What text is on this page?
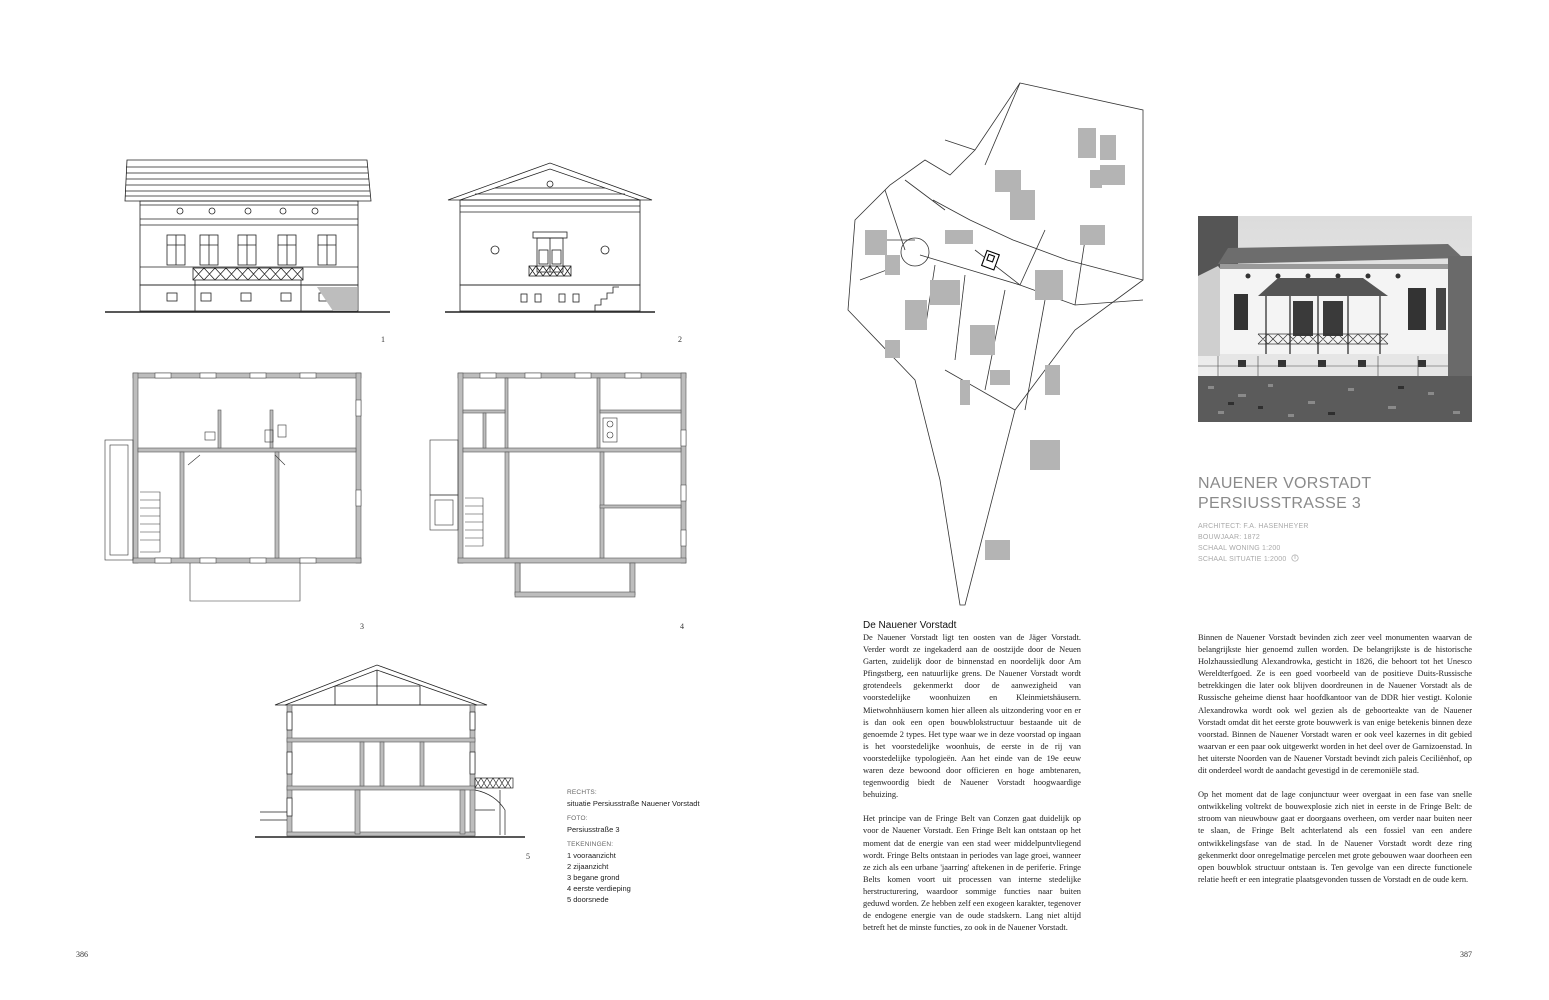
1	2
3	4
5
RECHTS:
situatie Persiusstraße Nauener Vorstadt
FOTO:
Persiusstraße 3
TEKENINGEN:
1 vooraanzicht
2 zijaanzicht
3 begane grond
4 eerste verdieping
5 doorsnede
386	387
NAUENER VORSTADT
PERSIUSSTRASSE 3
ARCHITECT: F.A. HASENHEYER
BOUWJAAR: 1872
SCHAAL WONING 1:200
SCHAAL SITUATIE 1:2000
De Nauener Vorstadt

De Nauener Vorstadt ligt ten oosten van de Jäger Vorstadt. Verder wordt ze ingekaderd aan de oostzijde door de Neuen Garten, zuidelijk door de binnenstad en noordelijk door Am Pfingstberg, een natuurlijke grens. De Nauener Vorstadt wordt grotendeels gekenmerkt door de aanwezigheid van voorstedelijke woonhuizen en Kleinmietshäusern. Mietwohnhäusern komen hier alleen als uitzondering voor en er is dan ook een open bouwblokstructuur bestaande uit de genoemde 2 types. Het type waar we in deze voorstad op ingaan is het voorstedelijke woonhuis, de eerste in de rij van voorstedelijke typologieën. Aan het einde van de 19e eeuw waren deze bewoond door officieren en hoge ambtenaren, tegenwoordig biedt de Nauener Vorstadt hoogwaardige behuizing.

Het principe van de Fringe Belt van Conzen gaat duidelijk op voor de Nauener Vorstadt. Een Fringe Belt kan ontstaan op het moment dat de energie van een stad weer middelpuntvliegend wordt. Fringe Belts ontstaan in periodes van lage groei, wanneer ze zich als een urbane 'jaarring' aftekenen in de periferie. Fringe Belts komen voort uit processen van interne stedelijke herstructurering, waardoor sommige functies naar buiten geduwd worden. Ze hebben zelf een exogeen karakter, tegenover de endogene energie van de oude stadskern. Lang niet altijd betreft het de minste functies, zo ook in de Nauener Vorstadt.

Binnen de Nauener Vorstadt bevinden zich zeer veel monumenten waarvan de belangrijkste hier genoemd zullen worden. De belangrijkste is de historische Holzhaussiedlung Alexandrowka, gesticht in 1826, die behoort tot het Unesco Wereldterfgoed. Ze is een goed voorbeeld van de positieve Duits-Russische betrekkingen die later ook blijven doordreunen in de Nauener Vorstadt als de Russische geheime dienst haar hoofdkantoor van de DDR hier vestigt. Kolonie Alexandrowka wordt ook wel gezien als de geboorteakte van de Nauener Vorstadt omdat dit het eerste grote bouwwerk is van enige betekenis binnen deze voorstad. Binnen de Nauener Vorstadt waren er ook veel kazernes in dit gebied waarvan er een paar ook uitgewerkt worden in het deel over de Garnizoenstad. In het uiterste Noorden van de Nauener Vorstadt bevindt zich paleis Ceciliënhof, op dit onderdeel wordt de aandacht gevestigd in de ceremoniële stad.

Op het moment dat de lage conjunctuur weer overgaat in een fase van snelle ontwikkeling voltrekt de bouwexplosie zich niet in eerste in de Fringe Belt: de stroom van nieuwbouw gaat er doorgaans overheen, om verder naar buiten neer te slaan, de Fringe Belt achterlatend als een fossiel van een andere ontwikkelingsfase van de stad. In de Nauener Vorstadt wordt deze ring gekenmerkt door onregelmatige percelen met grote gebouwen waar doorheen een open bouwblok structuur ontstaan is. Ten gevolge van een directe functionele relatie heeft er een integratie plaatsgevonden tussen de Vorstadt en de oude kern.
